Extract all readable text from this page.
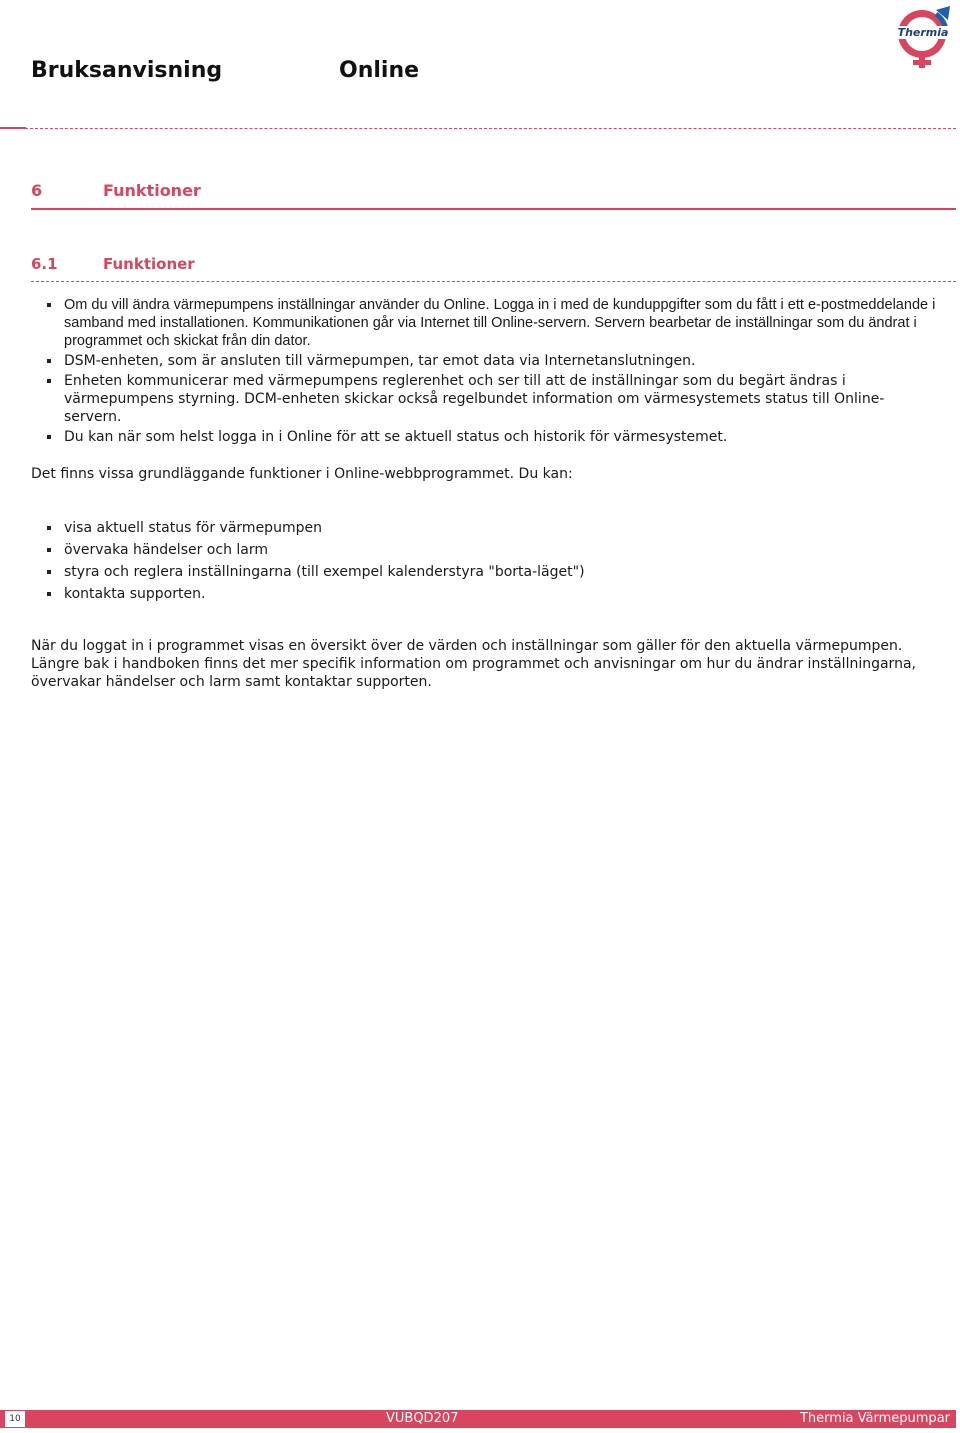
Bruksanvisning	Online
Thermia
6	Funktioner
6.1	Funktioner
Om du vill ändra värmepumpens inställningar använder du Online. Logga in i med de kunduppgifter som du fått i ett e-postmeddelande i samband med installationen. Kommunikationen går via Internet till Online-servern. Servern bearbetar de inställningar som du ändrat i programmet och skickat från din dator.
DSM-enheten, som är ansluten till värmepumpen, tar emot data via Internetanslutningen.
Enheten kommunicerar med värmepumpens reglerenhet och ser till att de inställningar som du begärt ändras i värmepumpens styrning. DCM-enheten skickar också regelbundet information om värmesystemets status till Online-servern.
Du kan när som helst logga in i Online för att se aktuell status och historik för värmesystemet.

Det finns vissa grundläggande funktioner i Online-webbprogrammet. Du kan:

visa aktuell status för värmepumpen
övervaka händelser och larm
styra och reglera inställningarna (till exempel kalenderstyra "borta-läget")
kontakta supporten.

När du loggat in i programmet visas en översikt över de värden och inställningar som gäller för den aktuella värmepumpen. Längre bak i handboken finns det mer specifik information om programmet och anvisningar om hur du ändrar inställningarna, övervakar händelser och larm samt kontaktar supporten.

10	VUBQD207	Thermia Värmepumpar
